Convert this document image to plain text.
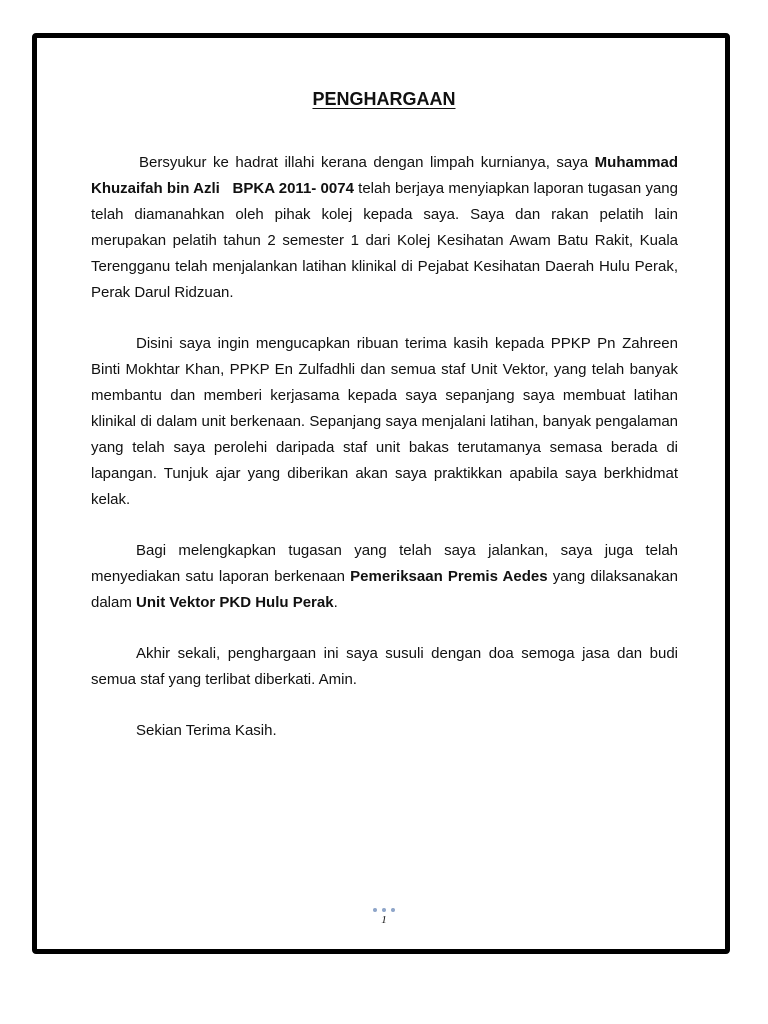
PENGHARGAAN

Bersyukur ke hadrat illahi kerana dengan limpah kurnianya, saya Muhammad Khuzaifah bin Azli BPKA 2011- 0074 telah berjaya menyiapkan laporan tugasan yang telah diamanahkan oleh pihak kolej kepada saya. Saya dan rakan pelatih lain merupakan pelatih tahun 2 semester 1 dari Kolej Kesihatan Awam Batu Rakit, Kuala Terengganu telah menjalankan latihan klinikal di Pejabat Kesihatan Daerah Hulu Perak, Perak Darul Ridzuan.

Disini saya ingin mengucapkan ribuan terima kasih kepada PPKP Pn Zahreen Binti Mokhtar Khan, PPKP En Zulfadhli dan semua staf Unit Vektor, yang telah banyak membantu dan memberi kerjasama kepada saya sepanjang saya membuat latihan klinikal di dalam unit berkenaan. Sepanjang saya menjalani latihan, banyak pengalaman yang telah saya perolehi daripada staf unit bakas terutamanya semasa berada di lapangan. Tunjuk ajar yang diberikan akan saya praktikkan apabila saya berkhidmat kelak.

Bagi melengkapkan tugasan yang telah saya jalankan, saya juga telah menyediakan satu laporan berkenaan Pemeriksaan Premis Aedes yang dilaksanakan dalam Unit Vektor PKD Hulu Perak.

Akhir sekali, penghargaan ini saya susuli dengan doa semoga jasa dan budi semua staf yang terlibat diberkati. Amin.

Sekian Terima Kasih.

1
